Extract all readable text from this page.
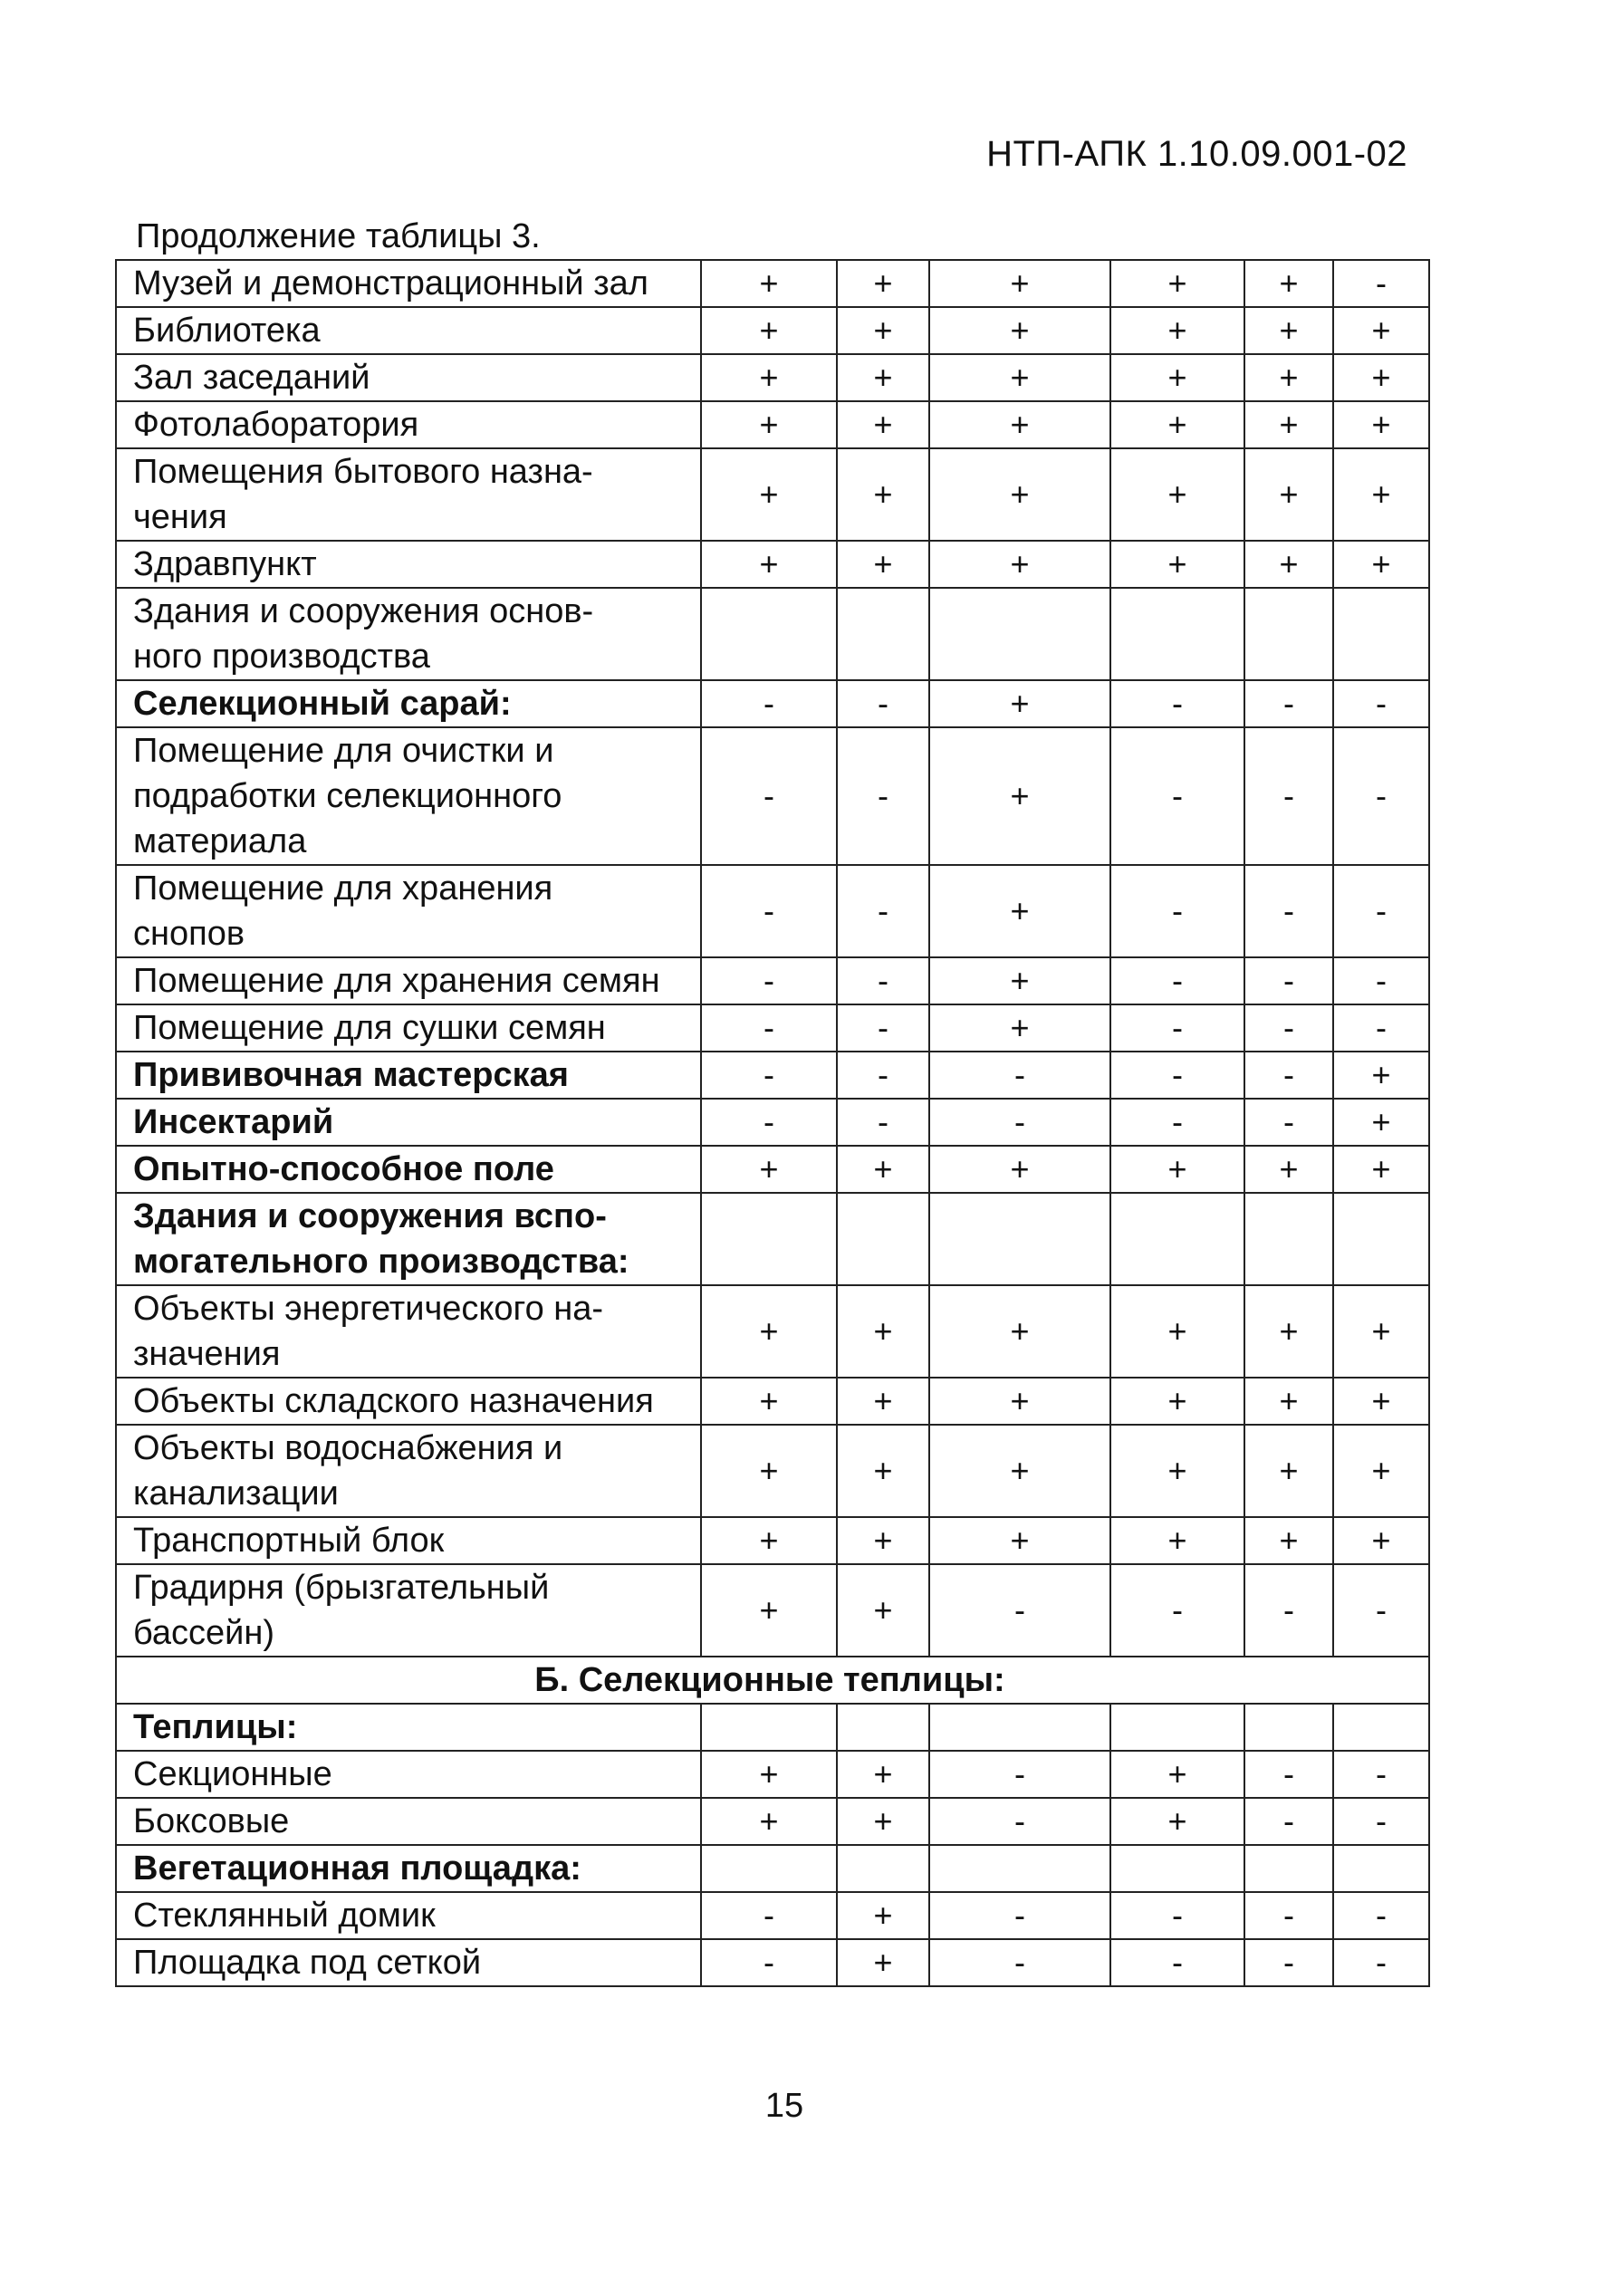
НТП-АПК 1.10.09.001-02
Продолжение таблицы 3.
Музей и демонстрационный зал	+	+	+	+	+	-
Библиотека	+	+	+	+	+	+
Зал заседаний	+	+	+	+	+	+
Фотолаборатория	+	+	+	+	+	+
Помещения бытового назна-
чения	+	+	+	+	+	+
Здравпункт	+	+	+	+	+	+
Здания и сооружения основ-
ного производства						
Селекционный сарай:	-	-	+	-	-	-
Помещение для очистки и
подработки селекционного
материала	-	-	+	-	-	-
Помещение для хранения
снопов	-	-	+	-	-	-
Помещение для хранения семян	-	-	+	-	-	-
Помещение для сушки семян	-	-	+	-	-	-
Прививочная мастерская	-	-	-	-	-	+
Инсектарий	-	-	-	-	-	+
Опытно-способное поле	+	+	+	+	+	+
Здания и сооружения вспо-
могательного производства:						
Объекты энергетического на-
значения	+	+	+	+	+	+
Объекты складского назначения	+	+	+	+	+	+
Объекты водоснабжения и
канализации	+	+	+	+	+	+
Транспортный блок	+	+	+	+	+	+
Градирня (брызгательный
бассейн)	+	+	-	-	-	-
Б. Селекционные теплицы:						
Теплицы:						
Секционные	+	+	-	+	-	-
Боксовые	+	+	-	+	-	-
Вегетационная площадка:						
Стеклянный домик	-	+	-	-	-	-
Площадка под сеткой	-	+	-	-	-	-
15
